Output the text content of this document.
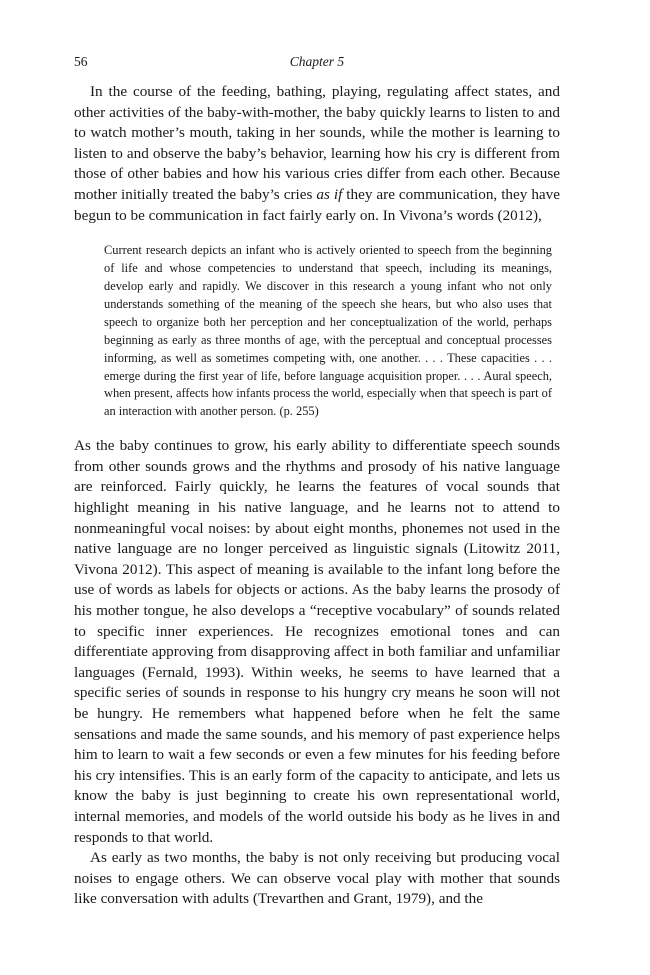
56	Chapter 5

In the course of the feeding, bathing, playing, regulating affect states, and other activities of the baby-with-mother, the baby quickly learns to listen to and to watch mother’s mouth, taking in her sounds, while the mother is learning to listen to and observe the baby’s behavior, learning how his cry is different from those of other babies and how his various cries differ from each other. Because mother initially treated the baby’s cries as if they are communication, they have begun to be communication in fact fairly early on. In Vivona’s words (2012),

Current research depicts an infant who is actively oriented to speech from the beginning of life and whose competencies to understand that speech, including its meanings, develop early and rapidly. We discover in this research a young infant who not only understands something of the meaning of the speech she hears, but who also uses that speech to organize both her perception and her conceptualization of the world, perhaps beginning as early as three months of age, with the perceptual and conceptual processes informing, as well as sometimes competing with, one another. . . . These capacities . . . emerge during the first year of life, before language acquisition proper. . . . Aural speech, when present, affects how infants process the world, especially when that speech is part of an interaction with another person. (p. 255)

As the baby continues to grow, his early ability to differentiate speech sounds from other sounds grows and the rhythms and prosody of his native language are reinforced. Fairly quickly, he learns the features of vocal sounds that highlight meaning in his native language, and he learns not to attend to nonmeaningful vocal noises: by about eight months, phonemes not used in the native language are no longer perceived as linguistic signals (Litowitz 2011, Vivona 2012). This aspect of meaning is available to the infant long before the use of words as labels for objects or actions. As the baby learns the prosody of his mother tongue, he also develops a “receptive vocabulary” of sounds related to specific inner experiences. He recognizes emotional tones and can differentiate approving from disapproving affect in both familiar and unfamiliar languages (Fernald, 1993). Within weeks, he seems to have learned that a specific series of sounds in response to his hungry cry means he soon will not be hungry. He remembers what happened before when he felt the same sensations and made the same sounds, and his memory of past experience helps him to learn to wait a few seconds or even a few minutes for his feeding before his cry intensifies. This is an early form of the capacity to anticipate, and lets us know the baby is just beginning to create his own representational world, internal memories, and models of the world outside his body as he lives in and responds to that world.

As early as two months, the baby is not only receiving but producing vocal noises to engage others. We can observe vocal play with mother that sounds like conversation with adults (Trevarthen and Grant, 1979), and the
